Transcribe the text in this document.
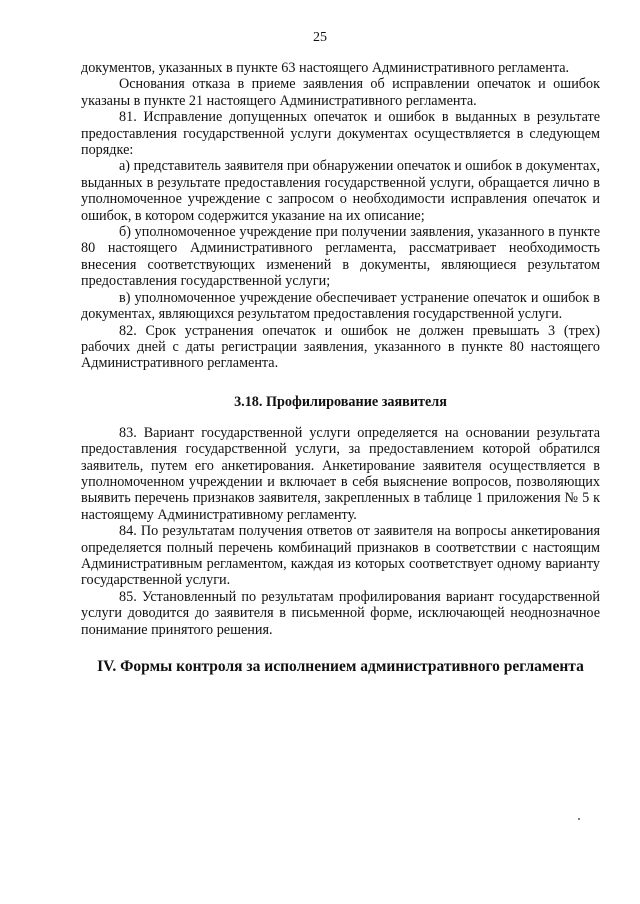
25

документов, указанных в пункте 63 настоящего Административного регламента.

Основания отказа в приеме заявления об исправлении опечаток и ошибок указаны в пункте 21 настоящего Административного регламента.

81. Исправление допущенных опечаток и ошибок в выданных в результате предоставления государственной услуги документах осуществляется в следующем порядке:

а) представитель заявителя при обнаружении опечаток и ошибок в документах, выданных в результате предоставления государственной услуги, обращается лично в уполномоченное учреждение с запросом о необходимости исправления опечаток и ошибок, в котором содержится указание на их описание;

б) уполномоченное учреждение при получении заявления, указанного в пункте 80 настоящего Административного регламента, рассматривает необходимость внесения соответствующих изменений в документы, являющиеся результатом предоставления государственной услуги;

в) уполномоченное учреждение обеспечивает устранение опечаток и ошибок в документах, являющихся результатом предоставления государственной услуги.

82. Срок устранения опечаток и ошибок не должен превышать 3 (трех) рабочих дней с даты регистрации заявления, указанного в пункте 80 настоящего Административного регламента.

3.18. Профилирование заявителя

83. Вариант государственной услуги определяется на основании результата предоставления государственной услуги, за предоставлением которой обратился заявитель, путем его анкетирования. Анкетирование заявителя осуществляется в уполномоченном учреждении и включает в себя выяснение вопросов, позволяющих выявить перечень признаков заявителя, закрепленных в таблице 1 приложения № 5 к настоящему Административному регламенту.

84. По результатам получения ответов от заявителя на вопросы анкетирования определяется полный перечень комбинаций признаков в соответствии с настоящим Административным регламентом, каждая из которых соответствует одному варианту государственной услуги.

85. Установленный по результатам профилирования вариант государственной услуги доводится до заявителя в письменной форме, исключающей неоднозначное понимание принятого решения.

IV. Формы контроля за исполнением административного регламента
